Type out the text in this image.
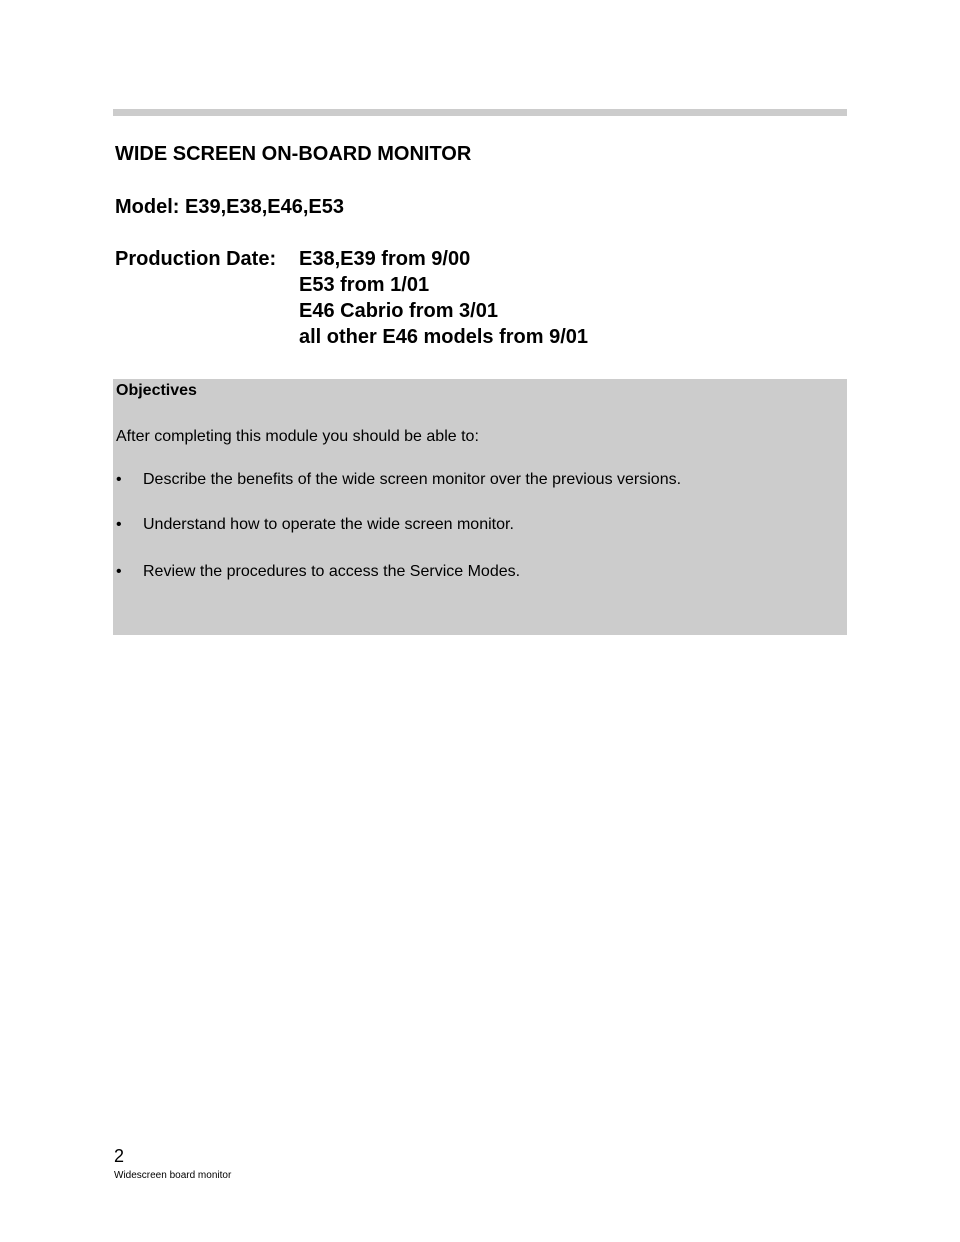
WIDE SCREEN ON-BOARD MONITOR
Model: E39,E38,E46,E53
Production Date: E38,E39 from 9/00
E53 from 1/01
E46 Cabrio from 3/01
all other E46 models from 9/01
Objectives
After completing this module you should be able to:
• Describe the benefits of the wide screen monitor over the previous versions.
• Understand how to operate the wide screen monitor.
• Review the procedures to access the Service Modes.
2
Widescreen board monitor
